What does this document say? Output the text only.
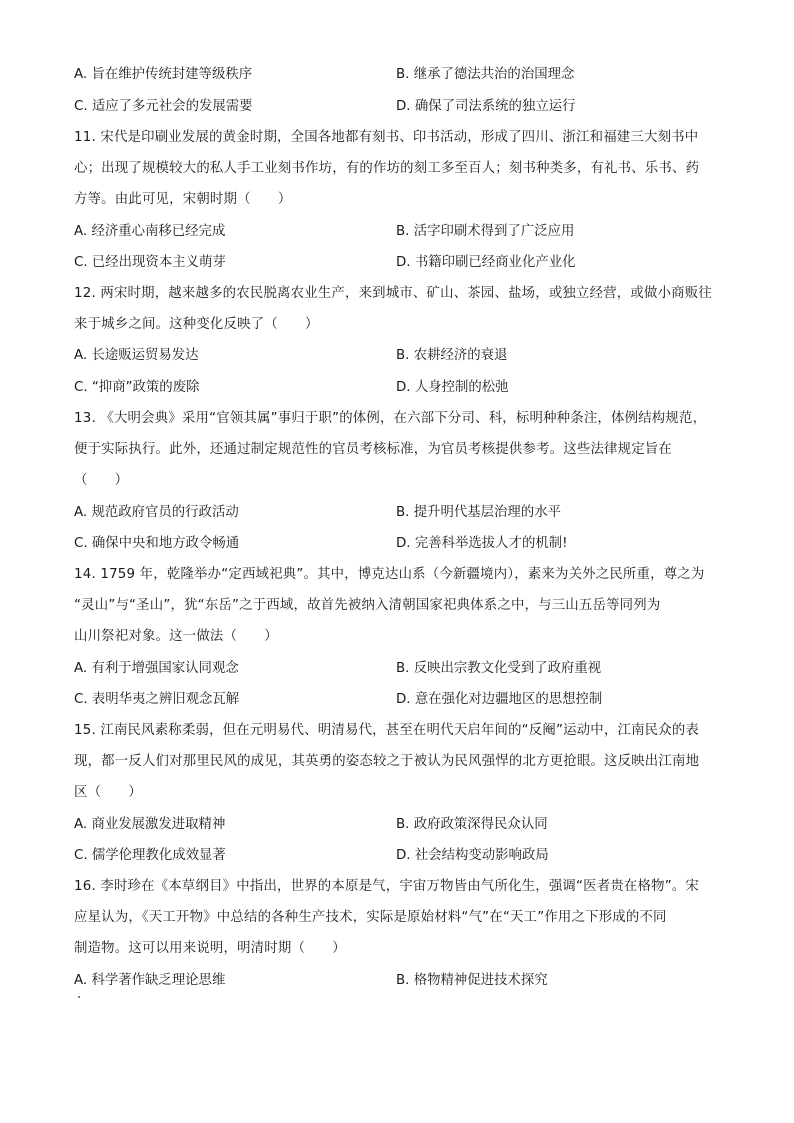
A. 旨在维护传统封建等级秩序	B. 继承了德法共治的治国理念
C. 适应了多元社会的发展需要	D. 确保了司法系统的独立运行
11. 宋代是印刷业发展的黄金时期，全国各地都有刻书、印书活动，形成了四川、浙江和福建三大刻书中
心；出现了规模较大的私人手工业刻书作坊，有的作坊的刻工多至百人；刻书种类多，有礼书、乐书、药
方等。由此可见，宋朝时期（　　）
A. 经济重心南移已经完成	B. 活字印刷术得到了广泛应用
C. 已经出现资本主义萌芽	D. 书籍印刷已经商业化产业化
12. 两宋时期，越来越多的农民脱离农业生产，来到城市、矿山、茶园、盐场，或独立经营，或做小商贩往
来于城乡之间。这种变化反映了（　　）
A. 长途贩运贸易发达	B. 农耕经济的衰退
C. “抑商”政策的废除	D. 人身控制的松弛
13. 《大明会典》采用“官领其属”事归于职”的体例，在六部下分司、科，标明种种条注，体例结构规范，
便于实际执行。此外，还通过制定规范性的官员考核标准，为官员考核提供参考。这些法律规定旨在
（　　）
A. 规范政府官员的行政活动	B. 提升明代基层治理的水平
C. 确保中央和地方政令畅通	D. 完善科举选拔人才的机制!
14. 1759 年，乾隆举办“定西域祀典”。其中，博克达山系（今新疆境内），素来为关外之民所重，尊之为
“灵山”与“圣山”，犹“东岳”之于西域，故首先被纳入清朝国家祀典体系之中，与三山五岳等同列为
山川祭祀对象。这一做法（　　）
A. 有利于增强国家认同观念	B. 反映出宗教文化受到了政府重视
C. 表明华夷之辨旧观念瓦解	D. 意在强化对边疆地区的思想控制
15. 江南民风素称柔弱，但在元明易代、明清易代，甚至在明代天启年间的“反阉”运动中，江南民众的表
现，都一反人们对那里民风的成见，其英勇的姿态较之于被认为民风强悍的北方更抢眼。这反映出江南地
区（　　）
A. 商业发展激发进取精神	B. 政府政策深得民众认同
C. 儒学伦理教化成效显著	D. 社会结构变动影响政局
16. 李时珍在《本草纲目》中指出，世界的本原是气，宇宙万物皆由气所化生，强调“医者贵在格物”。宋
应星认为，《天工开物》中总结的各种生产技术，实际是原始材料“气”在“天工”作用之下形成的不同
制造物。这可以用来说明，明清时期（　　）
A. 科学著作缺乏理论思维	B. 格物精神促进技术探究
